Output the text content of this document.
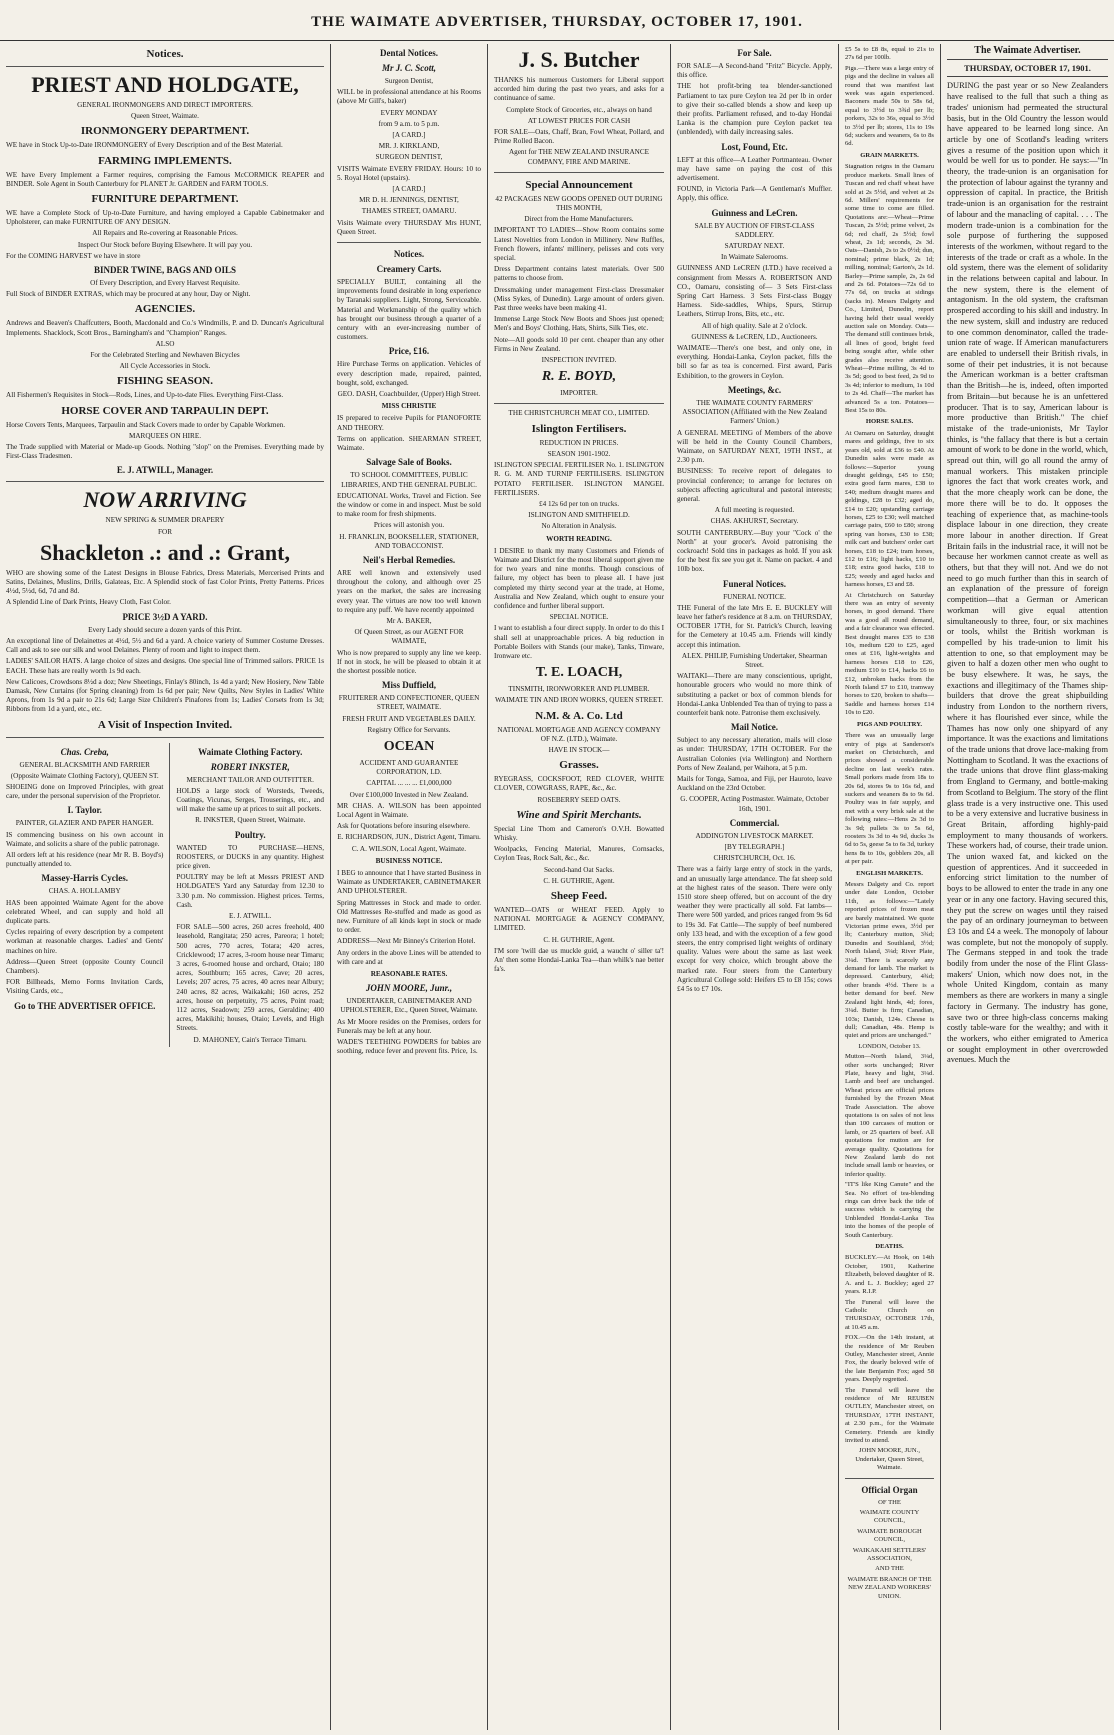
THE WAIMATE ADVERTISER, THURSDAY, OCTOBER 17, 1901.
Notices.
PRIEST AND HOLDGATE,
GENERAL IRONMONGERS AND DIRECT IMPORTERS.
Queen Street, Waimate.
IRONMONGERY DEPARTMENT.
WE have in Stock Up-to-Date IRONMONGERY of Every Description and of the Best Material.
FARMING IMPLEMENTS.
WE have Every Implement a Farmer requires, comprising the Famous McCORMICK REAPER and BINDER. Sole Agent in South Canterbury for PLANET Jr. GARDEN and FARM TOOLS.
FURNITURE DEPARTMENT.
WE have a Complete Stock of Up-to-Date Furniture, and having employed a Capable Cabinetmaker and Upholsterer, can make FURNITURE OF ANY DESIGN.
All Repairs and Re-covering at Reasonable Prices.
Inspect Our Stock before Buying Elsewhere. It will pay you.
For the COMING HARVEST we have in store
BINDER TWINE, BAGS AND OILS
Of Every Description, and Every Harvest Requisite.
Full Stock of BINDER EXTRAS, which may be procured at any hour, Day or Night.
AGENCIES.
Andrews and Beaven's Chaffcutters, Booth, Macdonald and Co.'s Windmills, P. and D. Duncan's Agricultural Implements. Shacklock, Scott Bros., Barningham's and "Champion" Ranges.
ALSO
For the Celebrated Sterling and Newhaven Bicycles
All Cycle Accessories in Stock.
FISHING SEASON.
All Fishermen's Requisites in Stock—Rods, Lines, and Up-to-date Flies. Everything First-Class.
HORSE COVER AND TARPAULIN DEPT.
Horse Covers Tents, Marquees, Tarpaulin and Stack Covers made to order by Capable Workmen.
MARQUEES ON HIRE.
The Trade supplied with Material or Made-up Goods. Nothing "slop" on the Premises. Everything made by First-Class Tradesmen.
E. J. ATWILL, Manager.
NOW ARRIVING
NEW SPRING & SUMMER DRAPERY
FOR
Shackleton .: and .: Grant,
WHO are showing some of the Latest Designs in Blouse Fabrics, Dress Materials, Mercerised Prints and Satins, Delaines, Muslins, Drills, Galateas, Etc. A Splendid stock of fast Color Prints, Pretty Patterns. Prices 4½d, 5½d, 6d, 7d and 8d.
A Splendid Line of Dark Prints, Heavy Cloth, Fast Color.
PRICE 3½D A YARD.
Every Lady should secure a dozen yards of this Print.
An exceptional line of Delainettes at 4½d, 5½ and 6d a yard. A choice variety of Summer Costume Dresses. Call and ask to see our silk and wool Delaines. Plenty of room and light to inspect them.
LADIES' SAILOR HATS. A large choice of sizes and designs. One special line of Trimmed sailors. PRICE 1s EACH. These hats are really worth 1s 9d each.
New Calicoes, Crowdsons 8½d a doz; New Sheetings, Finlay's 80inch, 1s 4d a yard; New Hosiery, New Table Damask, New Curtains (for Spring cleaning) from 1s 6d per pair; New Quilts, New Styles in Ladies' White Aprons, from 1s 9d a pair to 21s 6d; Large Size Children's Pinafores from 1s; Ladies' Corsets from 1s 3d; Ribbons from 1d a yard, etc., etc.
A Visit of Inspection Invited.
Chas. Creba,
GENERAL BLACKSMITH AND FARRIER
(Opposite Waimate Clothing Factory), QUEEN ST.
SHOEING done on Improved Principles, with great care, under the personal supervision of the Proprietor.
I. Taylor.
PAINTER, GLAZIER AND PAPER HANGER.
IS commencing business on his own account in Waimate, and solicits a share of the public patronage.
All orders left at his residence (near Mr R. B. Boyd's) punctually attended to.
Massey-Harris Cycles.
CHAS. A. HOLLAMBY
HAS been appointed Waimate Agent for the above celebrated Wheel, and can supply and hold all duplicate parts.
Cycles repairing of every description by a competent workman at reasonable charges. Ladies' and Gents' machines on hire.
Address—Queen Street (opposite County Council Chambers).
FOR Billheads, Memo Forms Invitation Cards, Visiting Cards, etc.,
Go to THE ADVERTISER OFFICE.
Waimate Clothing Factory.
ROBERT INKSTER,
MERCHANT TAILOR AND OUTFITTER.
HOLDS a large stock of Worsteds, Tweeds, Coatings, Vicunas, Serges, Trouserings, etc., and will make the same up at prices to suit all pockets.
R. INKSTER, Queen Street, Waimate.
Poultry.
WANTED TO PURCHASE—HENS, ROOSTERS, or DUCKS in any quantity. Highest price given.
POULTRY may be left at Messrs PRIEST AND HOLDGATE'S Yard any Saturday from 12.30 to 3.30 p.m. No commission. Highest prices. Terms, Cash.
E. J. ATWILL.
FOR SALE—500 acres, 260 acres freehold, 400 leasehold, Rangitata; 250 acres, Pareora; 1 hotel; 500 acres, 770 acres, Totara; 420 acres, Cricklewood; 17 acres, 3-room house near Timaru; 3 acres, 6-roomed house and orchard, Otaio; 180 acres, Southburn; 165 acres, Cave; 20 acres, Levels; 207 acres, 75 acres, 40 acres near Albury; 240 acres, 82 acres, Waikakahi; 160 acres, 252 acres, house on perpetuity, 75 acres, Point road; 112 acres, Seadown; 259 acres, Geraldine; 400 acres, Makikihi; houses, Otaio; Levels, and High Streets.
D. MAHONEY, Cain's Terrace Timaru.
Dental Notices.
Mr J. C. Scott,
Surgeon Dentist,
WILL be in professional attendance at his Rooms (above Mr Gill's, baker)
EVERY MONDAY
from 9 a.m. to 5 p.m.
[A CARD.]
MR. J. KIRKLAND,
SURGEON DENTIST,
VISITS Waimate EVERY FRIDAY. Hours: 10 to 5. Royal Hotel (upstairs).
[A CARD.]
MR D. H. JENNINGS, DENTIST,
THAMES STREET, OAMARU.
Visits Waimate every THURSDAY Mrs HUNT, Queen Street.
Notices.
Creamery Carts.
SPECIALLY BUILT, containing all the improvements found desirable in long experience by Taranaki suppliers. Light, Strong, Serviceable. Material and Workmanship of the quality which has brought our business through a quarter of a century with an ever-increasing number of customers.
Price, £16.
Hire Purchase Terms on application. Vehicles of every description made, repaired, painted, bought, sold, exchanged.
GEO. DASH, Coachbuilder, (Upper) High Street.
MISS CHRISTIE
IS prepared to receive Pupils for PIANOFORTE AND THEORY.
Terms on application. SHEARMAN STREET, Waimate.
Salvage Sale of Books.
TO SCHOOL COMMITTEES, PUBLIC LIBRARIES, AND THE GENERAL PUBLIC.
EDUCATIONAL Works, Travel and Fiction. See the window or come in and inspect. Must be sold to make room for fresh shipments.
Prices will astonish you.
H. FRANKLIN, BOOKSELLER, STATIONER, AND TOBACCONIST.
Neil's Herbal Remedies.
ARE well known and extensively used throughout the colony, and although over 25 years on the market, the sales are increasing every year. The virtues are now too well known to require any puff. We have recently appointed
Mr A. BAKER,
Of Queen Street, as our AGENT FOR WAIMATE,
Who is now prepared to supply any line we keep. If not in stock, he will be pleased to obtain it at the shortest possible notice.
Miss Duffield,
FRUITERER AND CONFECTIONER, QUEEN STREET, WAIMATE.
FRESH FRUIT AND VEGETABLES DAILY.
Registry Office for Servants.
OCEAN
ACCIDENT AND GUARANTEE CORPORATION, LD.
CAPITAL ... ... ... £1,000,000
Over £100,000 Invested in New Zealand.
MR CHAS. A. WILSON has been appointed Local Agent in Waimate.
Ask for Quotations before insuring elsewhere.
E. RICHARDSON, JUN., District Agent, Timaru.
C. A. WILSON, Local Agent, Waimate.
BUSINESS NOTICE.
I BEG to announce that I have started Business in Waimate as UNDERTAKER, CABINETMAKER AND UPHOLSTERER.
Spring Mattresses in Stock and made to order. Old Mattresses Re-stuffed and made as good as new. Furniture of all kinds kept in stock or made to order.
ADDRESS—Next Mr Binney's Criterion Hotel.
Any orders in the above Lines will be attended to with care and at
REASONABLE RATES.
JOHN MOORE, Junr.,
UNDERTAKER, CABINETMAKER AND UPHOLSTERER, Etc., Queen Street, Waimate.
As Mr Moore resides on the Premises, orders for Funerals may be left at any hour.
WADE'S TEETHING POWDERS for babies are soothing, reduce fever and prevent fits. Price, 1s.
J. S. Butcher
THANKS his numerous Customers for Liberal support accorded him during the past two years, and asks for a continuance of same.
Complete Stock of Groceries, etc., always on hand
AT LOWEST PRICES FOR CASH
FOR SALE—Oats, Chaff, Bran, Fowl Wheat, Pollard, and Prime Rolled Bacon.
Agent for THE NEW ZEALAND INSURANCE COMPANY, FIRE AND MARINE.
Special Announcement
42 PACKAGES NEW GOODS OPENED OUT DURING THIS MONTH,
Direct from the Home Manufacturers.
IMPORTANT TO LADIES—Show Room contains some Latest Novelties from London in Millinery. New Ruffles, French flowers, infants' millinery, pelisses and cots very special.
Dress Department contains latest materials. Over 500 patterns to choose from.
Dressmaking under management First-class Dressmaker (Miss Sykes, of Dunedin). Large amount of orders given. Past three weeks have been making 41.
Immense Large Stock New Boots and Shoes just opened; Men's and Boys' Clothing, Hats, Shirts, Silk Ties, etc.
Note—All goods sold 10 per cent. cheaper than any other Firms in New Zealand.
INSPECTION INVITED.
R. E. BOYD,
IMPORTER.
THE CHRISTCHURCH MEAT CO., LIMITED.
Islington Fertilisers.
REDUCTION IN PRICES.
SEASON 1901-1902.
ISLINGTON SPECIAL FERTILISER No. 1. ISLINGTON R. G. M. AND TURNIP FERTILISERS. ISLINGTON POTATO FERTILISER. ISLINGTON MANGEL FERTILISERS.
£4 12s 6d per ton on trucks.
ISLINGTON AND SMITHFIELD.
No Alteration in Analysis.
WORTH READING.
I DESIRE to thank my many Customers and Friends of Waimate and District for the most liberal support given me for two years and nine months. Though conscious of failure, my object has been to please all. I have just completed my thirty second year at the trade, at Home, Australia and New Zealand, which ought to ensure your confidence and further liberal support.
SPECIAL NOTICE.
I want to establish a four direct supply. In order to do this I shall sell at unapproachable prices. A big reduction in Portable Boilers with Stands (our make), Tanks, Tinware, Ironware etc.
T. E. LOACH,
TINSMITH, IRONWORKER AND PLUMBER.
WAIMATE TIN AND IRON WORKS, QUEEN STREET.
N.M. & A. Co. Ltd
NATIONAL MORTGAGE AND AGENCY COMPANY OF N.Z. (LTD.), Waimate.
HAVE IN STOCK—
Grasses.
RYEGRASS, COCKSFOOT, RED CLOVER, WHITE CLOVER, COWGRASS, RAPE, &c., &c.
ROSEBERRY SEED OATS.
Wine and Spirit Merchants.
Special Line Thom and Cameron's O.V.H. Bowatted Whisky.
Woolpacks, Fencing Material, Manures, Cornsacks, Ceylon Teas, Rock Salt, &c., &c.
Second-hand Oat Sacks.
C. H. GUTHRIE, Agent.
Sheep Feed.
WANTED—OATS or WHEAT FEED. Apply to NATIONAL MORTGAGE & AGENCY COMPANY, LIMITED.
C. H. GUTHRIE, Agent.
I'M sore 'twill dae us muckle guid, a waucht o' siller ta'! An' then some Hondai-Lanka Tea—than whilk's nae better fa's.
For Sale.
FOR SALE—A Second-hand "Fritz" Bicycle. Apply, this office.
THE hot profit-bring tea blender-sanctioned Parliament to tax pure Ceylon tea 2d per lb in order to give their so-called blends a show and keep up their profits. Parliament refused, and to-day Hondai Lanka is the champion pure Ceylon packet tea (unblended), with daily increasing sales.
Lost, Found, Etc.
LEFT at this office—A Leather Portmanteau. Owner may have same on paying the cost of this advertisement.
FOUND, in Victoria Park—A Gentleman's Muffler. Apply, this office.
Guinness and LeCren.
SALE BY AUCTION OF FIRST-CLASS SADDLERY.
SATURDAY NEXT.
In Waimate Salerooms.
GUINNESS AND LeCREN (LTD.) have received a consignment from Messrs A. ROBERTSON AND CO., Oamaru, consisting of— 3 Sets First-class Spring Cart Harness. 3 Sets First-class Buggy Harness. Side-saddles, Whips, Spurs, Stirrup Leathers, Stirrup Irons, Bits, etc., etc.
All of high quality. Sale at 2 o'clock.
GUINNESS & LeCREN, LD., Auctioneers.
WAIMATE—There's one best, and only one, in everything. Hondai-Lanka, Ceylon packet, fills the bill so far as tea is concerned. First award, Paris Exhibition, to the growers in Ceylon.
Meetings, &c.
THE WAIMATE COUNTY FARMERS' ASSOCIATION (Affiliated with the New Zealand Farmers' Union.)
A GENERAL MEETING of Members of the above will be held in the County Council Chambers, Waimate, on SATURDAY NEXT, 19TH INST., at 2.30 p.m.
BUSINESS: To receive report of delegates to provincial conference; to arrange for lectures on subjects affecting agricultural and pastoral interests; general.
A full meeting is requested.
CHAS. AKHURST, Secretary.
SOUTH CANTERBURY.—Buy your "Cock o' the North" at your grocer's. Avoid patronising the cockroach! Sold tins in packages as hold. If you ask for the best fix see you get it. Name on packet. 4 and 10lb box.
Funeral Notices.
FUNERAL NOTICE.
THE Funeral of the late Mrs E. E. BUCKLEY will leave her father's residence at 8 a.m. on THURSDAY, OCTOBER 17TH, for St. Patrick's Church, leaving for the Cemetery at 10.45 a.m. Friends will kindly accept this intimation.
ALEX. PHILIP, Furnishing Undertaker, Shearman Street.
WAITAKI—There are many conscientious, upright, honourable grocers who would no more think of substituting a packet or box of common blends for Hondai-Lanka Unblended Tea than of trying to pass a counterfeit bank note. Patronise them exclusively.
Mail Notice.
Subject to any necessary alteration, mails will close as under: THURSDAY, 17TH OCTOBER. For the Australian Colonies (via Wellington) and Northern Ports of New Zealand, per Waihora, at 5 p.m.
Mails for Tonga, Samoa, and Fiji, per Hauroto, leave Auckland on the 23rd October.
G. COOPER, Acting Postmaster. Waimate, October 16th, 1901.
Commercial.
ADDINGTON LIVESTOCK MARKET.
[BY TELEGRAPH.]
CHRISTCHURCH, Oct. 16.
There was a fairly large entry of stock in the yards, and an unusually large attendance. The fat sheep sold at the highest rates of the season. There were only 1510 store sheep offered, but on account of the dry weather they were practically all sold. Fat lambs—There were 500 yarded, and prices ranged from 9s 6d to 19s 3d. Fat Cattle—The supply of beef numbered only 133 head, and with the exception of a few good steers, the entry comprised light weights of ordinary quality. Values were about the same as last week except for very choice, which brought above the marked rate. Four steers from the Canterbury Agricultural College sold: Heifers £5 to £8 15s; cows £4 5s to £7 10s.
£5 5s to £8 8s, equal to 21s to 27s 6d per 100lb.
Pigs.—There was a large entry of pigs and the decline in values all round that was manifest last week was again experienced. Baconers made 50s to 58s 6d, equal to 3½d to 3¾d per lb; porkers, 32s to 36s, equal to 3½d to 3½d per lb; stores, 11s to 19s 6d; suckers and weaners, 6s to 8s 6d.
GRAIN MARKETS.
Stagnation reigns in the Oamaru produce markets. Small lines of Tuscan and red chaff wheat have sold at 2s 5½d, and velvet at 2s 6d. Millers' requirements for some time to come are filled. Quotations are:—Wheat—Prime Tuscan, 2s 5½d; prime velvet, 2s 6d; red chaff, 2s 5½d; fowl wheat, 2s 1d; seconds, 2s 3d. Oats—Danish, 2s to 2s 0½d; dun, nominal; prime black, 2s 1d; milling, nominal; Garton's, 2s 1d. Barley—Prime sample, 2s, 2s 6d and 2s 6d. Potatoes—72s 6d to 77s 6d, on trucks at sidings (sacks in). Messrs Dalgety and Co., Limited, Dunedin, report having held their usual weekly auction sale on Monday. Oats—The demand still continues brisk, all lines of good, bright feed being sought after, while other grades also receive attention. Wheat—Prime milling, 3s 4d to 3s 5d; good to best feed, 2s 9d to 3s 4d; inferior to medium, 1s 10d to 2s 4d. Chaff—The market has advanced 5s a ton. Potatoes—Best 15s to 80s.
HORSE SALES.
At Oamaru on Saturday, draught mares and geldings, five to six years old, sold at £36 to £40. At Dunedin sales were made as follows:—Superior young draught geldings, £45 to £50; extra good farm mares, £38 to £40; medium draught mares and geldings, £28 to £32; aged do, £14 to £20; upstanding carriage horses, £25 to £30; well matched carriage pairs, £60 to £80; strong spring van horses, £30 to £38; milk cart and butchers' order cart horses, £18 to £24; tram horses, £12 to £16; light hacks, £10 to £18; extra good hacks, £18 to £25; weedy and aged hacks and harness horses, £3 and £8.
At Christchurch on Saturday there was an entry of seventy horses, in good demand. There was a good all round demand, and a fair clearance was effected. Best draught mares £35 to £38 10s, medium £20 to £25, aged ones at £16, light-weights and harness horses £18 to £26, medium £10 to £14, hacks £6 to £12, unbroken hacks from the North Island £7 to £10, tramway horses to £20, broken to shafts—Saddle and harness horses £14 10s to £20.
PIGS AND POULTRY.
There was an unusually large entry of pigs at Sanderson's market on Christchurch, and prices showed a considerable decline on last week's rates. Small porkers made from 18s to 20s 6d, stores 9s to 16s 6d, and suckers and weaners 8s to 9s 6d. Poultry was in fair supply, and met with a very brisk sale at the following rates:—Hens 2s 3d to 3s 9d; pullets 3s to 5s 6d, roosters 3s 3d to 4s 9d, ducks 3s 6d to 5s, geese 5s to 6s 3d, turkey hens 8s to 10s, gobblers 20s, all at per pair.
ENGLISH MARKETS.
Messrs Dalgety and Co. report under date London, October 11th, as follows:—"Lately reported prices of frozen meat are barely maintained. We quote Victorian prime ewes, 3½d per lb; Canterbury mutton, 3¾d; Dunedin and Southland, 3½d; North Island, 3¼d; River Plate, 3¼d. There is scarcely any demand for lamb. The market is depressed. Canterbury, 4¾d; other brands 4½d. There is a better demand for beef. New Zealand light hinds, 4d; fores, 3¼d. Butter is firm; Canadian, 103s; Danish, 124s. Cheese is dull; Canadian, 48s. Hemp is quiet and prices are unchanged."
LONDON, October 13.
Mutton—North Island, 3¼d, other sorts unchanged; River Plate, heavy and light, 3¼d. Lamb and beef are unchanged. Wheat prices are official prices furnished by the Frozen Meat Trade Association. The above quotations is on sales of not less than 100 carcases of mutton or lamb, or 25 quarters of beef. All quotations for mutton are for average quality. Quotations for New Zealand lamb do not include small lamb or heavies, or inferior quality.
"IT'S like King Canute" and the Sea. No effort of tea-blending rings can drive back the tide of success which is carrying the Unblended Hondai-Lanka Tea into the homes of the people of South Canterbury.
DEATHS.
BUCKLEY.—At Hook, on 14th October, 1901, Katherine Elizabeth, beloved daughter of R. A. and L. J. Buckley; aged 27 years. R.I.P.
The Funeral will leave the Catholic Church on THURSDAY, OCTOBER 17th, at 10.45 a.m.
FOX.—On the 14th instant, at the residence of Mr Reuben Outley, Manchester street, Annie Fox, the dearly beloved wife of the late Benjamin Fox; aged 58 years. Deeply regretted.
The Funeral will leave the residence of Mr REUBEN OUTLEY, Manchester street, on THURSDAY, 17TH INSTANT, at 2.30 p.m., for the Waimate Cemetery. Friends are kindly invited to attend.
JOHN MOORE, JUN., Undertaker, Queen Street, Waimate.
Official Organ
OF THE
WAIMATE COUNTY COUNCIL,
WAIMATE BOROUGH COUNCIL,
WAIKAKAHI SETTLERS' ASSOCIATION,
AND THE
WAIMATE BRANCH OF THE NEW ZEALAND WORKERS' UNION.
The Waimate Advertiser.
THURSDAY, OCTOBER 17, 1901.
DURING the past year or so New Zealanders have realised to the full that such a thing as trades' unionism had permeated the structural basis, but in the Old Country the lesson would have appeared to be learned long since. An article by one of Scotland's leading writers gives a resume of the position upon which it would be well for us to ponder. He says:—"In theory, the trade-union is an organisation for the protection of labour against the tyranny and oppression of capital. In practice, the British trade-union is an organisation for the restraint of labour and the manacling of capital. . . . The modern trade-union is a combination for the sole purpose of furthering the supposed interests of the workmen, without regard to the interests of the trade or craft as a whole. In the old system, there was the element of solidarity in the relations between capital and labour. In the new system, there is the element of antagonism. In the old system, the craftsman prospered according to his skill and industry. In the new system, skill and industry are reduced to one common denominator, called the trade-union rate of wage. If American manufacturers are enabled to undersell their British rivals, in some of their pet industries, it is not because the American workman is a better craftsman than the British—he is, indeed, often imported from Britain—but because he is an unfettered producer. That is to say, American labour is more productive than British." The chief mistake of the trade-unionists, Mr Taylor thinks, is "the fallacy that there is but a certain amount of work to be done in the world, which, spread out thin, will go all round the army of manual workers. This mistaken principle ignores the fact that work creates work, and that the more cheaply work can be done, the more there will be to do. It opposes the teaching of experience that, as machine-tools displace labour in one direction, they create more labour in another direction. If Great Britain fails in the industrial race, it will not be because her workmen cannot create as well as others, but that they will not. And we do not need to go much further than this in search of an explanation of the pressure of foreign competition—that a German or American workman will give equal attention simultaneously to three, four, or six machines or tools, whilst the British workman is compelled by his trade-union to limit his attention to one, so that employment may be given to half a dozen other men who ought to be busy elsewhere. It was, he says, the exactions and illegitimacy of the Thames ship-builders that drove the great shipbuilding industry from London to the northern rivers, where it has flourished ever since, while the Thames has now only one shipyard of any importance. It was the exactions and limitations of the trade unions that drove lace-making from Nottingham to Scotland. It was the exactions of the trade unions that drove flint glass-making from England to Germany, and bottle-making from Scotland to Belgium. The story of the flint glass trade is a very instructive one. This used to be a very extensive and lucrative business in Great Britain, affording highly-paid employment to many thousands of workers. These workers had, of course, their trade union. The union waxed fat, and kicked on the question of apprentices. And it succeeded in enforcing strict limitation to the number of boys to be allowed to enter the trade in any one year or in any one factory. Having secured this, they put the screw on wages until they raised the pay of an ordinary journeyman to between £3 10s and £4 a week. The monopoly of labour was complete, but not the monopoly of supply. The Germans stepped in and took the trade bodily from under the nose of the Flint Glass-makers' Union, which now does not, in the whole United Kingdom, contain as many members as there are workers in many a single factory in Germany. The industry has gone, save two or three high-class concerns making costly table-ware for the wealthy; and with it the workers, who either emigrated to America or sought employment in other overcrowded avenues. Much the
